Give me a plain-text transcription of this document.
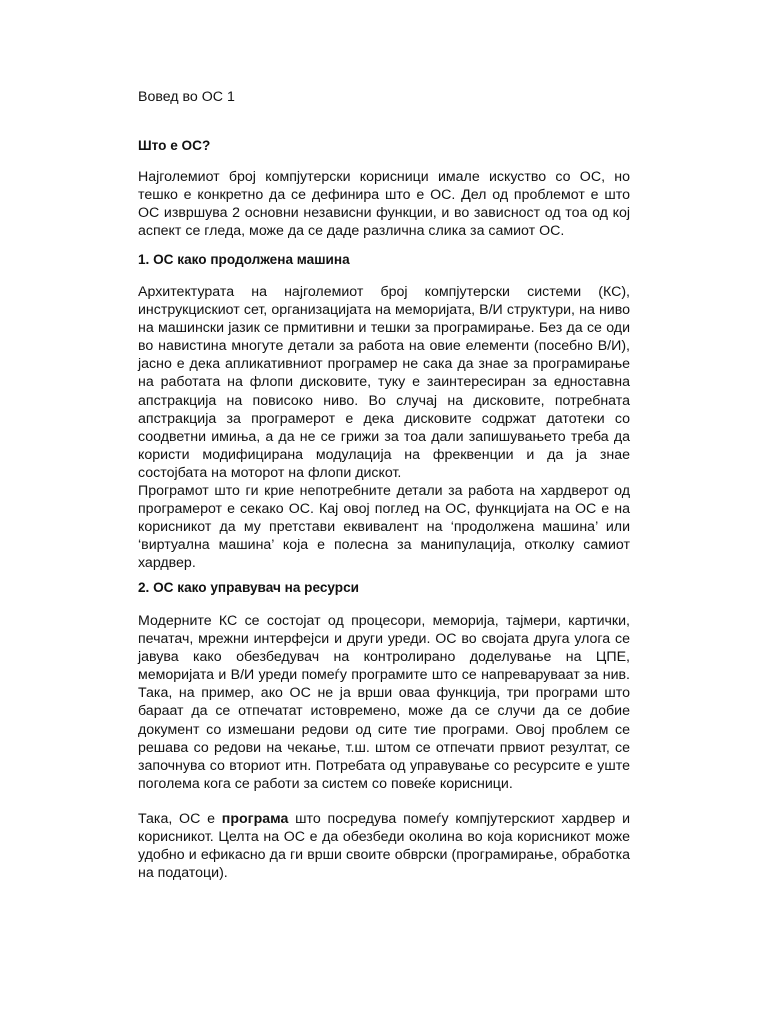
Вовед во ОС 1

Што е ОС?

Најголемиот број компјутерски корисници имале искуство со ОС, но тешко е конкретно да се дефинира што е ОС. Дел од проблемот е што ОС извршува 2 основни независни функции, и во зависност од тоа од кој аспект се гледа, може да се даде различна слика за самиот ОС.

1. ОС како продолжена машина

Архитектурата на најголемиот број компјутерски системи (КС), инструкцискиот сет, организацијата на меморијата, В/И структури, на ниво на машински јазик се прмитивни и тешки за програмирање. Без да се оди во навистина многуте детали за работа на овие елементи (посебно В/И), јасно е дека апликативниот програмер не сака да знае за програмирање на работата на флопи дисковите, туку е заинтересиран за едноставна апстракција на повисоко ниво. Во случај на дисковите, потребната апстракција за програмерот е дека дисковите содржат датотеки со соодветни имиња, а да не се грижи за тоа дали запишувањето треба да користи модифицирана модулација на фреквенции и да ја знае состојбата на моторот на флопи дискот.

Програмот што ги крие непотребните детали за работа на хардверот од програмерот е секако ОС. Кај овој поглед на ОС, функцијата на ОС е на корисникот да му претстави еквивалент на ‘продолжена машина’ или ‘виртуална машина’ која е полесна за манипулација, отколку самиот хардвер.

2. ОС како управувач на ресурси

Модерните КС се состојат од процесори, меморија, тајмери, картички, печатач, мрежни интерфејси и други уреди. ОС во својата друга улога се јавува како обезбедувач на контролирано доделување на ЦПЕ, меморијата и В/И уреди помеѓу програмите што се напреваруваат за нив. Така, на пример, ако ОС не ја врши оваа функција, три програми што бараат да се отпечатат истовремено, може да се случи да се добие документ со измешани редови од сите тие програми. Овој проблем се решава со редови на чекање, т.ш. штом се отпечати првиот резултат, се започнува со вториот итн. Потребата од управување со ресурсите е уште поголема кога се работи за систем со повеќе корисници.

Така, ОС е програма што посредува помеѓу компјутерскиот хардвер и корисникот. Целта на ОС е да обезбеди околина во која корисникот може удобно и ефикасно да ги врши своите обврски (програмирање, обработка на податоци).
